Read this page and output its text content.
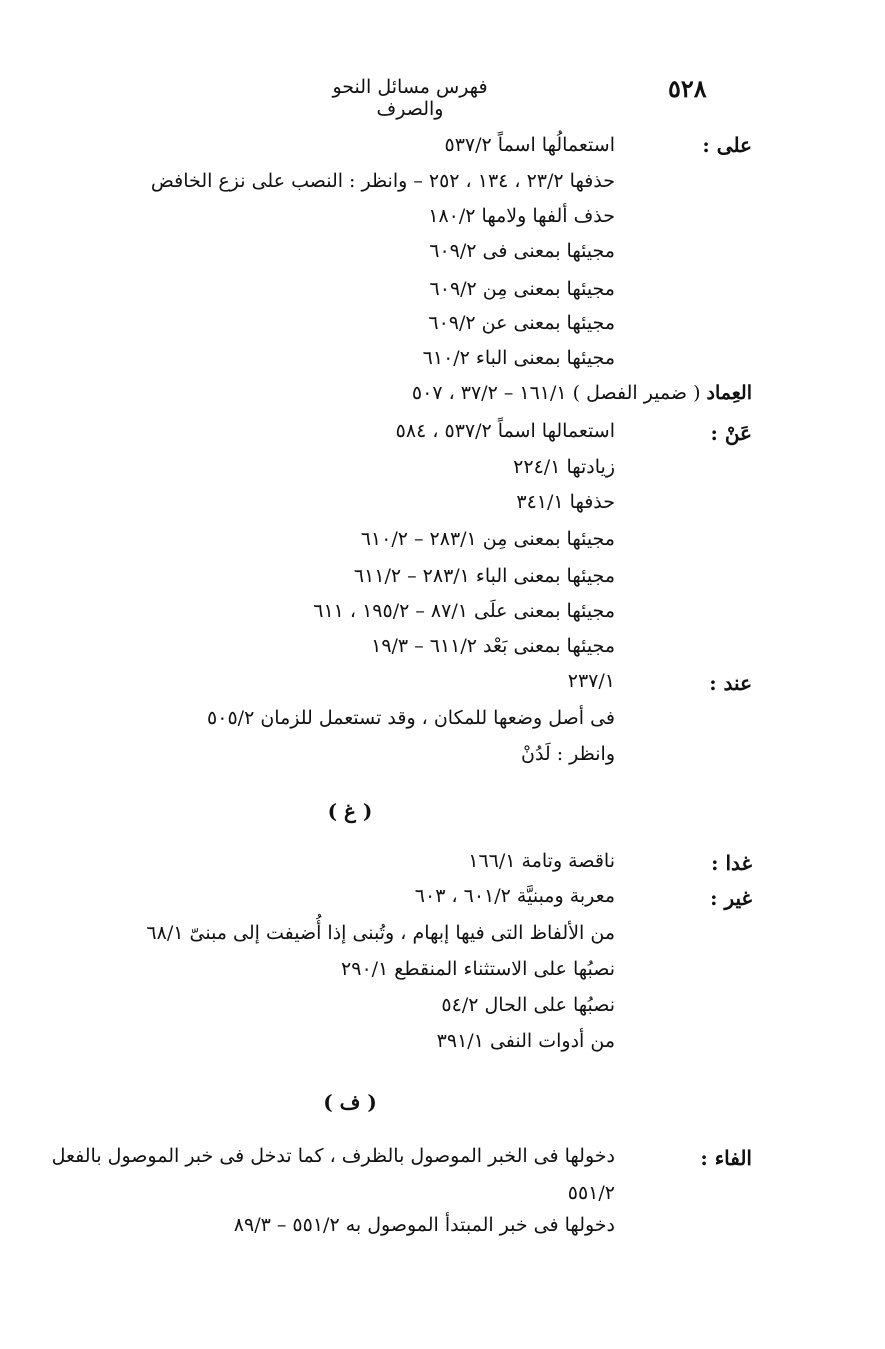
٥٢٨
فهرس مسائل النحو والصرف
على :
استعمالُها اسماً ٥٣٧/٢
حذفها ٢٣/٢ ، ١٣٤ ، ٢٥٢ – وانظر : النصب على نزع الخافض
حذف ألفها ولامها ١٨٠/٢
مجيئها بمعنى فى ٦٠٩/٢
مجيئها بمعنى مِن ٦٠٩/٢
مجيئها بمعنى عن ٦٠٩/٢
مجيئها بمعنى الباء ٦١٠/٢
العِماد ( ضمير الفصل ) ١٦١/١ – ٣٧/٢ ، ٥٠٧
عَنْ :
استعمالها اسماً ٥٣٧/٢ ، ٥٨٤
زيادتها ٢٢٤/١
حذفها ٣٤١/١
مجيئها بمعنى مِن ٢٨٣/١ – ٦١٠/٢
مجيئها بمعنى الباء ٢٨٣/١ – ٦١١/٢
مجيئها بمعنى علَى ٨٧/١ – ١٩٥/٢ ، ٦١١
مجيئها بمعنى بَعْد ٦١١/٢ – ١٩/٣
عند :
٢٣٧/١
فى أصل وضعها للمكان ، وقد تستعمل للزمان ٥٠٥/٢
وانظر : لَدُنْ
( غ )
غدا :
ناقصة وتامة ١٦٦/١
غير :
معربة ومبنيَّة ٦٠١/٢ ، ٦٠٣
من الألفاظ التى فيها إبهام ، وتُبنى إذا أُضيفت إلى مبنىّ ٦٨/١
نصبُها على الاستثناء المنقطع ٢٩٠/١
نصبُها على الحال ٥٤/٢
من أدوات النفى ٣٩١/١
( ف )
الفاء :
دخولها فى الخبر الموصول بالظرف ، كما تدخل فى خبر الموصول بالفعل
٥٥١/٢
دخولها فى خبر المبتدأ الموصول به ٥٥١/٢ – ٨٩/٣
